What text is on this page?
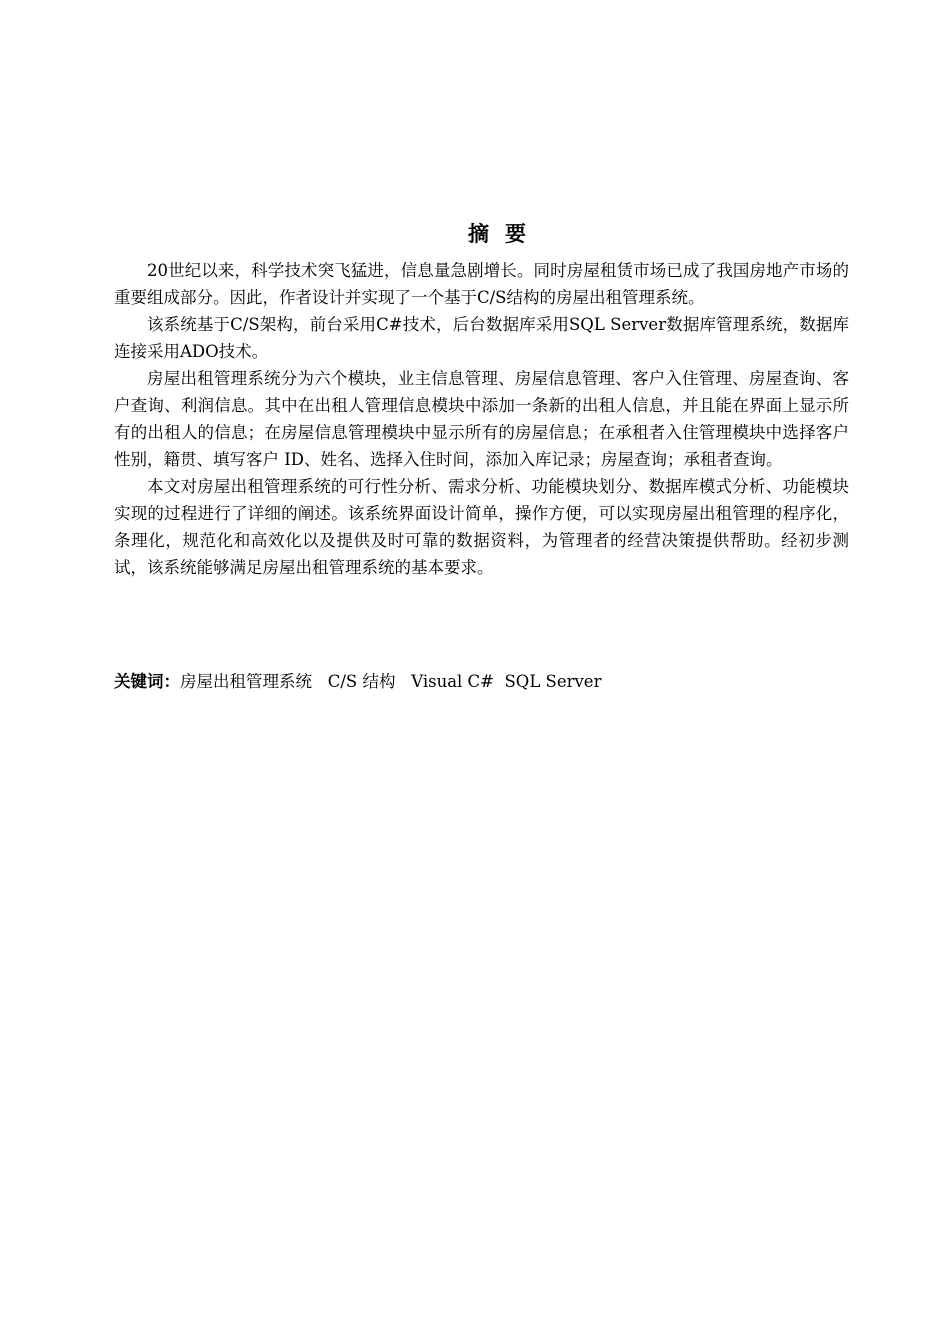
摘要

20世纪以来，科学技术突飞猛进，信息量急剧增长。同时房屋租赁市场已成了我国房地产市场的重要组成部分。因此，作者设计并实现了一个基于C/S结构的房屋出租管理系统。

该系统基于C/S架构，前台采用C#技术，后台数据库采用SQL Server数据库管理系统，数据库连接采用ADO技术。

房屋出租管理系统分为六个模块，业主信息管理、房屋信息管理、客户入住管理、房屋查询、客户查询、利润信息。其中在出租人管理信息模块中添加一条新的出租人信息，并且能在界面上显示所有的出租人的信息；在房屋信息管理模块中显示所有的房屋信息；在承租者入住管理模块中选择客户性别，籍贯、填写客户 ID、姓名、选择入住时间，添加入库记录；房屋查询；承租者查询。

本文对房屋出租管理系统的可行性分析、需求分析、功能模块划分、数据库模式分析、功能模块实现的过程进行了详细的阐述。该系统界面设计简单，操作方便，可以实现房屋出租管理的程序化，条理化，规范化和高效化以及提供及时可靠的数据资料，为管理者的经营决策提供帮助。经初步测试，该系统能够满足房屋出租管理系统的基本要求。

关键词：房屋出租管理系统   C/S 结构   Visual C#  SQL Server
